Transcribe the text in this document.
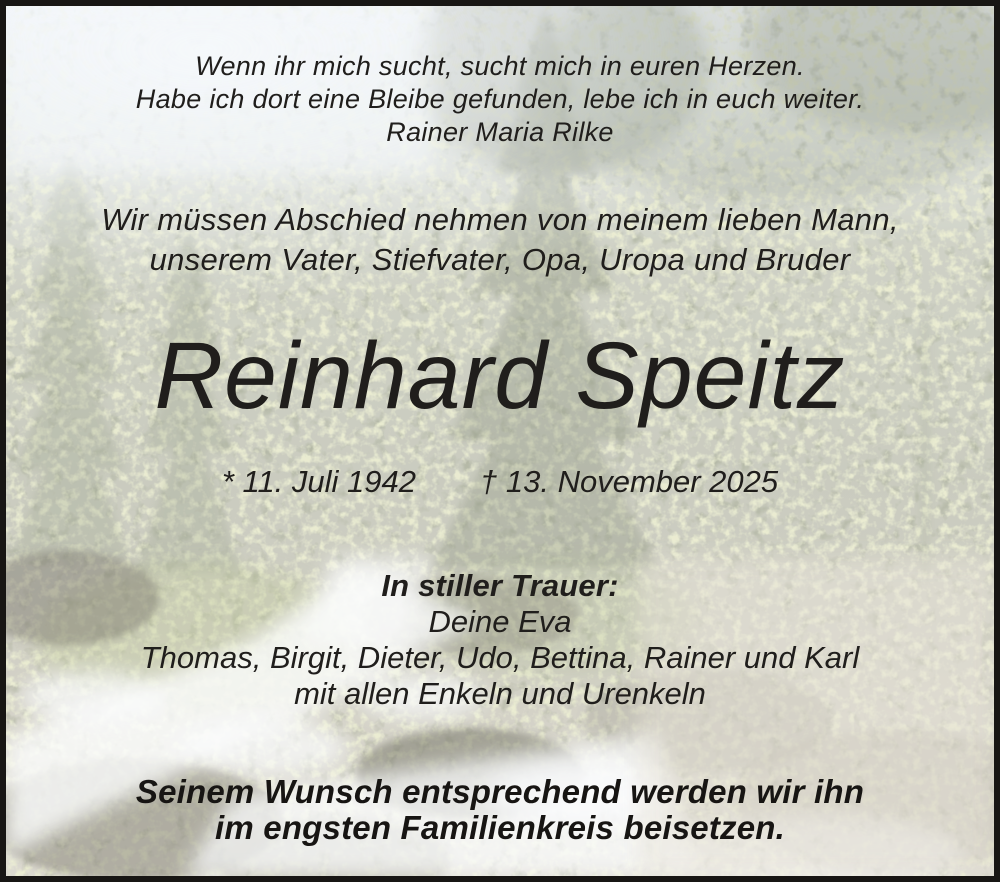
Wenn ihr mich sucht, sucht mich in euren Herzen.
Habe ich dort eine Bleibe gefunden, lebe ich in euch weiter.
Rainer Maria Rilke
Wir müssen Abschied nehmen von meinem lieben Mann,
unserem Vater, Stiefvater, Opa, Uropa und Bruder
Reinhard Speitz
* 11. Juli 1942 † 13. November 2025
In stiller Trauer:
Deine Eva
Thomas, Birgit, Dieter, Udo, Bettina, Rainer und Karl
mit allen Enkeln und Urenkeln
Seinem Wunsch entsprechend werden wir ihn
im engsten Familienkreis beisetzen.
